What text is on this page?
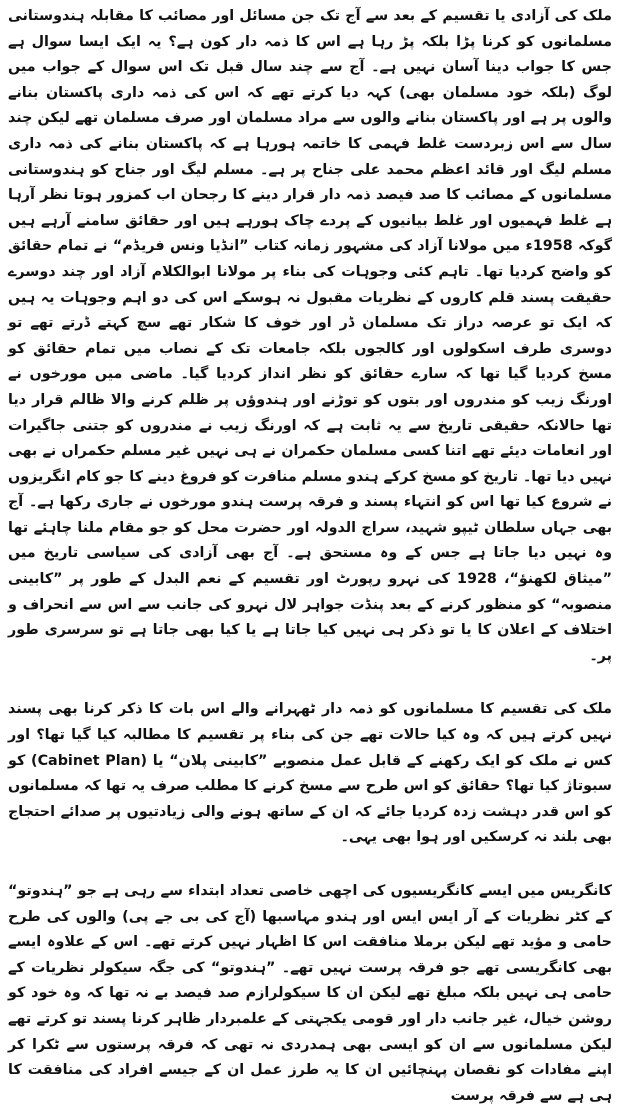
ملک کی آزادی یا تقسیم کے بعد سے آج تک جن مسائل اور مصائب کا مقابلہ ہندوستانی مسلمانوں کو کرنا پڑا بلکہ پڑ رہا ہے اس کا ذمہ دار کون ہے؟ یہ ایک ایسا سوال ہے جس کا جواب دینا آسان نہیں ہے۔ آج سے چند سال قبل تک اس سوال کے جواب میں لوگ (بلکہ خود مسلمان بھی) کہہ دیا کرتے تھے کہ اس کی ذمہ داری پاکستان بنانے والوں پر ہے اور پاکستان بنانے والوں سے مراد مسلمان اور صرف مسلمان تھے لیکن چند سال سے اس زبردست غلط فہمی کا خاتمہ ہورہا ہے کہ پاکستان بنانے کی ذمہ داری مسلم لیگ اور قائد اعظم محمد علی جناح پر ہے۔ مسلم لیگ اور جناح کو ہندوستانی مسلمانوں کے مصائب کا صد فیصد ذمہ دار قرار دینے کا رجحان اب کمزور ہوتا نظر آرہا ہے غلط فہمیوں اور غلط بیانیوں کے پردے چاک ہورہے ہیں اور حقائق سامنے آرہے ہیں گوکہ 1958ء میں مولانا آزاد کی مشہور زمانہ کتاب ”انڈیا ونس فریڈم“ نے تمام حقائق کو واضح کردیا تھا۔ تاہم کئی وجوہات کی بناء پر مولانا ابوالکلام آزاد اور چند دوسرے حقیقت پسند قلم کاروں کے نظریات مقبول نہ ہوسکے اس کی دو اہم وجوہات یہ ہیں کہ ایک تو عرصہ دراز تک مسلمان ڈر اور خوف کا شکار تھے سچ کہتے ڈرتے تھے تو دوسری طرف اسکولوں اور کالجوں بلکہ جامعات تک کے نصاب میں تمام حقائق کو مسخ کردیا گیا تھا کہ سارے حقائق کو نظر انداز کردیا گیا۔ ماضی میں مورخوں نے اورنگ زیب کو مندروں اور بتوں کو توڑنے اور ہندوؤں پر ظلم کرنے والا ظالم قرار دیا تھا حالانکہ حقیقی تاریخ سے یہ ثابت ہے کہ اورنگ زیب نے مندروں کو جتنی جاگیرات اور انعامات دیئے تھے اتنا کسی مسلمان حکمران نے ہی نہیں غیر مسلم حکمراں نے بھی نہیں دیا تھا۔ تاریخ کو مسخ کرکے ہندو مسلم منافرت کو فروغ دینے کا جو کام انگریزوں نے شروع کیا تھا اس کو انتہاء پسند و فرقہ پرست ہندو مورخوں نے جاری رکھا ہے۔ آج بھی جہاں سلطان ٹیپو شہید، سراج الدولہ اور حضرت محل کو جو مقام ملنا چاہئے تھا وہ نہیں دیا جاتا ہے جس کے وہ مستحق ہے۔ آج بھی آزادی کی سیاسی تاریخ میں ”میثاق لکھنؤ“، 1928 کی نہرو رپورٹ اور تقسیم کے نعم البدل کے طور پر ”کابینی منصوبہ“ کو منظور کرنے کے بعد پنڈت جواہر لال نہرو کی جانب سے اس سے انحراف و اختلاف کے اعلان کا یا تو ذکر ہی نہیں کیا جاتا ہے یا کیا بھی جاتا ہے تو سرسری طور پر۔

ملک کی تقسیم کا مسلمانوں کو ذمہ دار ٹھہرانے والے اس بات کا ذکر کرنا بھی پسند نہیں کرتے ہیں کہ وہ کیا حالات تھے جن کی بناء پر تقسیم کا مطالبہ کیا گیا تھا؟ اور کس نے ملک کو ایک رکھنے کے قابل عمل منصوبے ”کابینی پلان“ یا (Cabinet Plan) کو سبوتاژ کیا تھا؟ حقائق کو اس طرح سے مسخ کرنے کا مطلب صرف یہ تھا کہ مسلمانوں کو اس قدر دہشت زدہ کردیا جائے کہ ان کے ساتھ ہونے والی زیادتیوں پر صدائے احتجاج بھی بلند نہ کرسکیں اور ہوا بھی یہی۔

کانگریس میں ایسے کانگریسیوں کی اچھی خاصی تعداد ابتداء سے رہی ہے جو ”ہندوتو“ کے کٹر نظریات کے آر ایس ایس اور ہندو مہاسبھا (آج کی بی جے پی) والوں کی طرح حامی و مؤید تھے لیکن برملا منافقت اس کا اظہار نہیں کرتے تھے۔ اس کے علاوہ ایسے بھی کانگریسی تھے جو فرقہ پرست نہیں تھے۔ ”ہندوتو“ کی جگہ سیکولر نظریات کے حامی ہی نہیں بلکہ مبلغ تھے لیکن ان کا سیکولرازم صد فیصد بے نہ تھا کہ وہ خود کو روشن خیال، غیر جانب دار اور قومی یکجہتی کے علمبردار ظاہر کرنا پسند تو کرتے تھے لیکن مسلمانوں سے ان کو ایسی بھی ہمدردی نہ تھی کہ فرقہ پرستوں سے ٹکرا کر اپنے مفادات کو نقصان پہنچائیں ان کا یہ طرز عمل ان کے جیسے افراد کی منافقت کا ہی ہے سے فرقہ پرست
